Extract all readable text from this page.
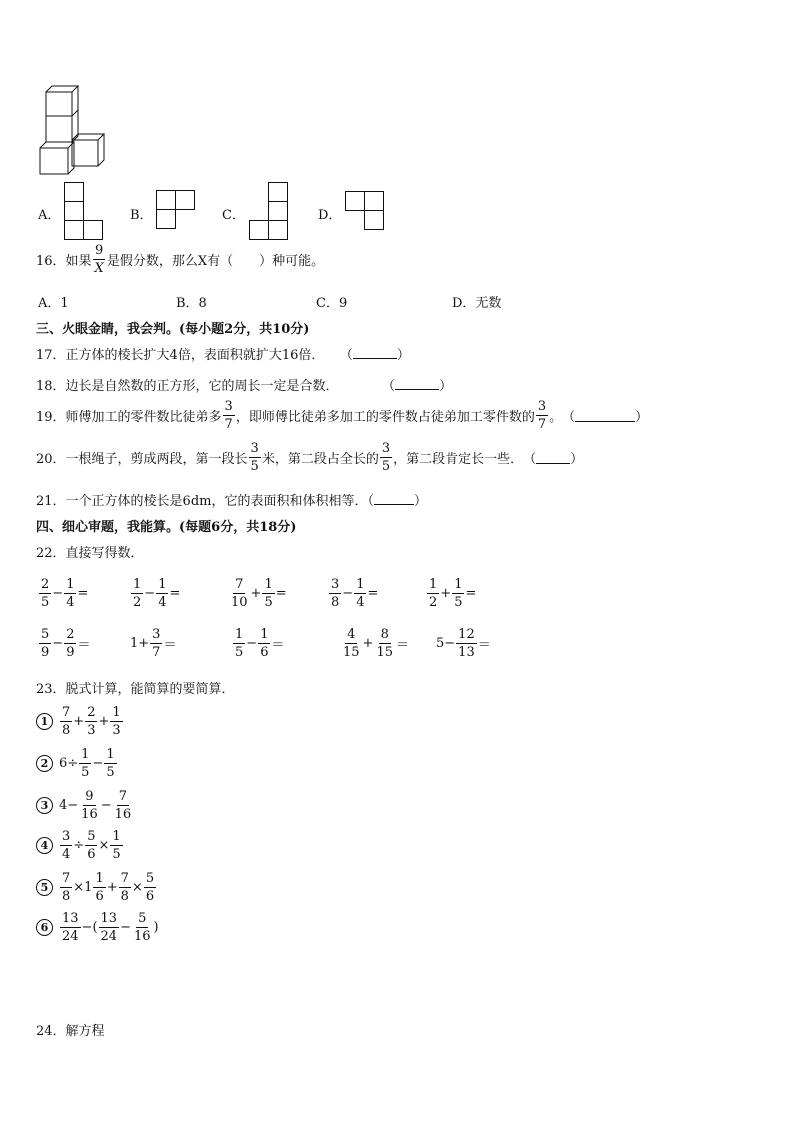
A．	B．	C．	D．
16．如果 $\frac{9}{X}$ 是假分数，那么X有（　　）种可能。
A．1	B．8	C．9	D．无数
三、火眼金睛，我会判。(每小题2分，共10分)
17．正方体的棱长扩大4倍，表面积就扩大16倍． （	）
18．边长是自然数的正方形，它的周长一定是合数．	（	）
19．师傅加工的零件数比徒弟多 $\frac{3}{7}$ ，即师傅比徒弟多加工的零件数占徒弟加工零件数的 $\frac{3}{7}$ 。 （	）
20．一根绳子，剪成两段，第一段长 $\frac{3}{5}$ 米，第二段占全长的 $\frac{3}{5}$ ，第二段肯定长一些． （	）
21．一个正方体的棱长是6dm，它的表面积和体积相等．（	）
四、细心审题，我能算。(每题6分，共18分)
22．直接写得数．
$\frac{2}{5} - \frac{1}{4}$ =	$\frac{1}{2} - \frac{1}{4}$ =	$\frac{7}{10} + \frac{1}{5}$ =	$\frac{3}{8} - \frac{1}{4}$ =	$\frac{1}{2} + \frac{1}{5}$ =
$\frac{5}{9} - \frac{2}{9}$ ＝	$1+ \frac{3}{7}$ ＝	$\frac{1}{5} - \frac{1}{6}$ ＝	$\frac{4}{15} + \frac{8}{15} = 5- \frac{12}{13}$ ＝
23．脱式计算，能简算的要简算．
$1 \frac{7}{8} + \frac{2}{3} + \frac{1}{3}$
2 $6\div \frac{1}{5} - \frac{1}{5}$
3 $4- \frac{9}{16} - \frac{7}{16}$
$4 \frac{3}{4} \div \frac{5}{6} \times \frac{1}{5}$
$5 \frac{7}{8} \times 1 \frac{1}{6} + \frac{7}{8} \times \frac{5}{6}$
$6 \frac{13}{24}$ −( $\frac{13}{24} - \frac{5}{16}$ )
24．解方程
